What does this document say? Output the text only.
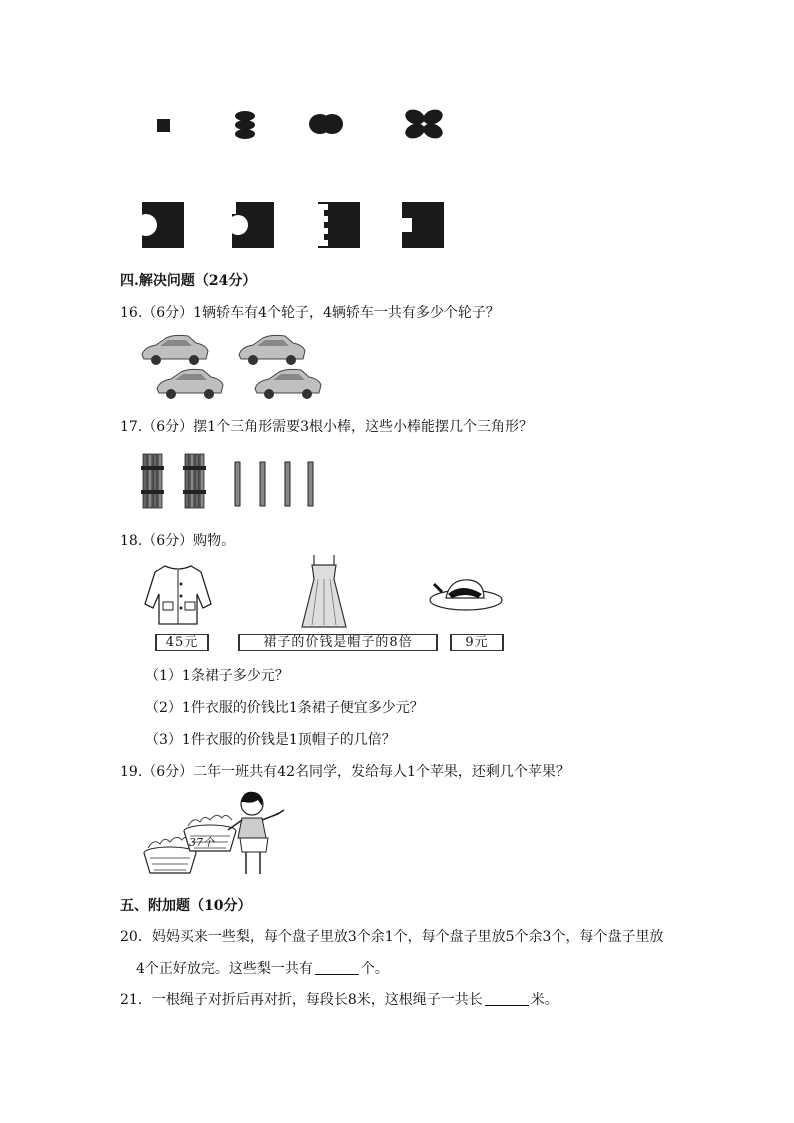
四.解决问题（24分）
16.（6分）1辆轿车有4个轮子，4辆轿车一共有多少个轮子？
17.（6分）摆1个三角形需要3根小棒，这些小棒能摆几个三角形？
18.（6分）购物。
45元	裙子的价钱是帽子的8倍	9元
（1）1条裙子多少元？
（2）1件衣服的价钱比1条裙子便宜多少元？
（3）1件衣服的价钱是1顶帽子的几倍？
19.（6分）二年一班共有42名同学，发给每人1个苹果，还剩几个苹果？
37个
五、附加题（10分）
20．妈妈买来一些梨，每个盘子里放3个余1个，每个盘子里放5个余3个，每个盘子里放
4个正好放完。这些梨一共有	个。
21．一根绳子对折后再对折，每段长8米，这根绳子一共长	米。
